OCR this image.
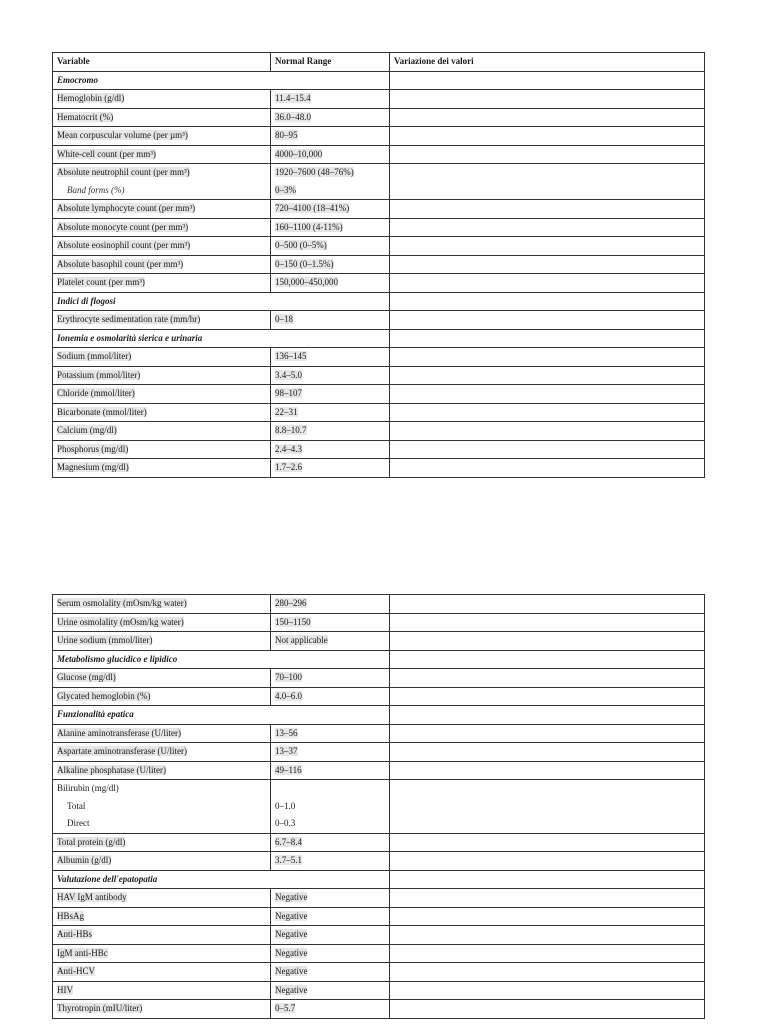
Variable	Normal Range	Variazione dei valori
Emocromo		
Hemoglobin (g/dl)	11.4–15.4	
Hematocrit (%)	36.0–48.0	
Mean corpuscular volume (per µm³)	80–95	
White-cell count (per mm³)	4000–10,000	
Absolute neutrophil count (per mm³)	1920–7600 (48–76%)	
Band forms (%)	0–3%	
Absolute lymphocyte count (per mm³)	720–4100 (18–41%)	
Absolute monocyte count (per mm³)	160–1100 (4-11%)	
Absolute eosinophil count (per mm³)	0–500 (0–5%)	
Absolute basophil count (per mm³)	0–150 (0–1.5%)	
Platelet count (per mm³)	150,000–450,000	
Indici di flogosi		
Erythrocyte sedimentation rate (mm/hr)	0–18	
Ionemia e osmolarità sierica e urinaria		
Sodium (mmol/liter)	136–145	
Potassium (mmol/liter)	3.4–5.0	
Chloride (mmol/liter)	98–107	
Bicarbonate (mmol/liter)	22–31	
Calcium (mg/dl)	8.8–10.7	
Phosphorus (mg/dl)	2.4–4.3	
Magnesium (mg/dl)	1.7–2.6	
Serum osmolality (mOsm/kg water)	280–296	
Urine osmolality (mOsm/kg water)	150–1150	
Urine sodium (mmol/liter)	Not applicable	
Metabolismo glucidico e lipidico		
Glucose (mg/dl)	70–100	
Glycated hemoglobin (%)	4.0–6.0	
Funzionalità epatica		
Alanine aminotransferase (U/liter)	13–56	
Aspartate aminotransferase (U/liter)	13–37	
Alkaline phosphatase (U/liter)	49–116	
Bilirubin (mg/dl)		
Total	0–1.0	
Direct	0–0.3	
Total protein (g/dl)	6.7–8.4	
Albumin (g/dl)	3.7–5.1	
Valutazione dell'epatopatia		
HAV IgM antibody	Negative	
HBsAg	Negative	
Anti-HBs	Negative	
IgM anti-HBc	Negative	
Anti-HCV	Negative	
HIV	Negative	
Thyrotropin (mIU/liter)	0–5.7	
